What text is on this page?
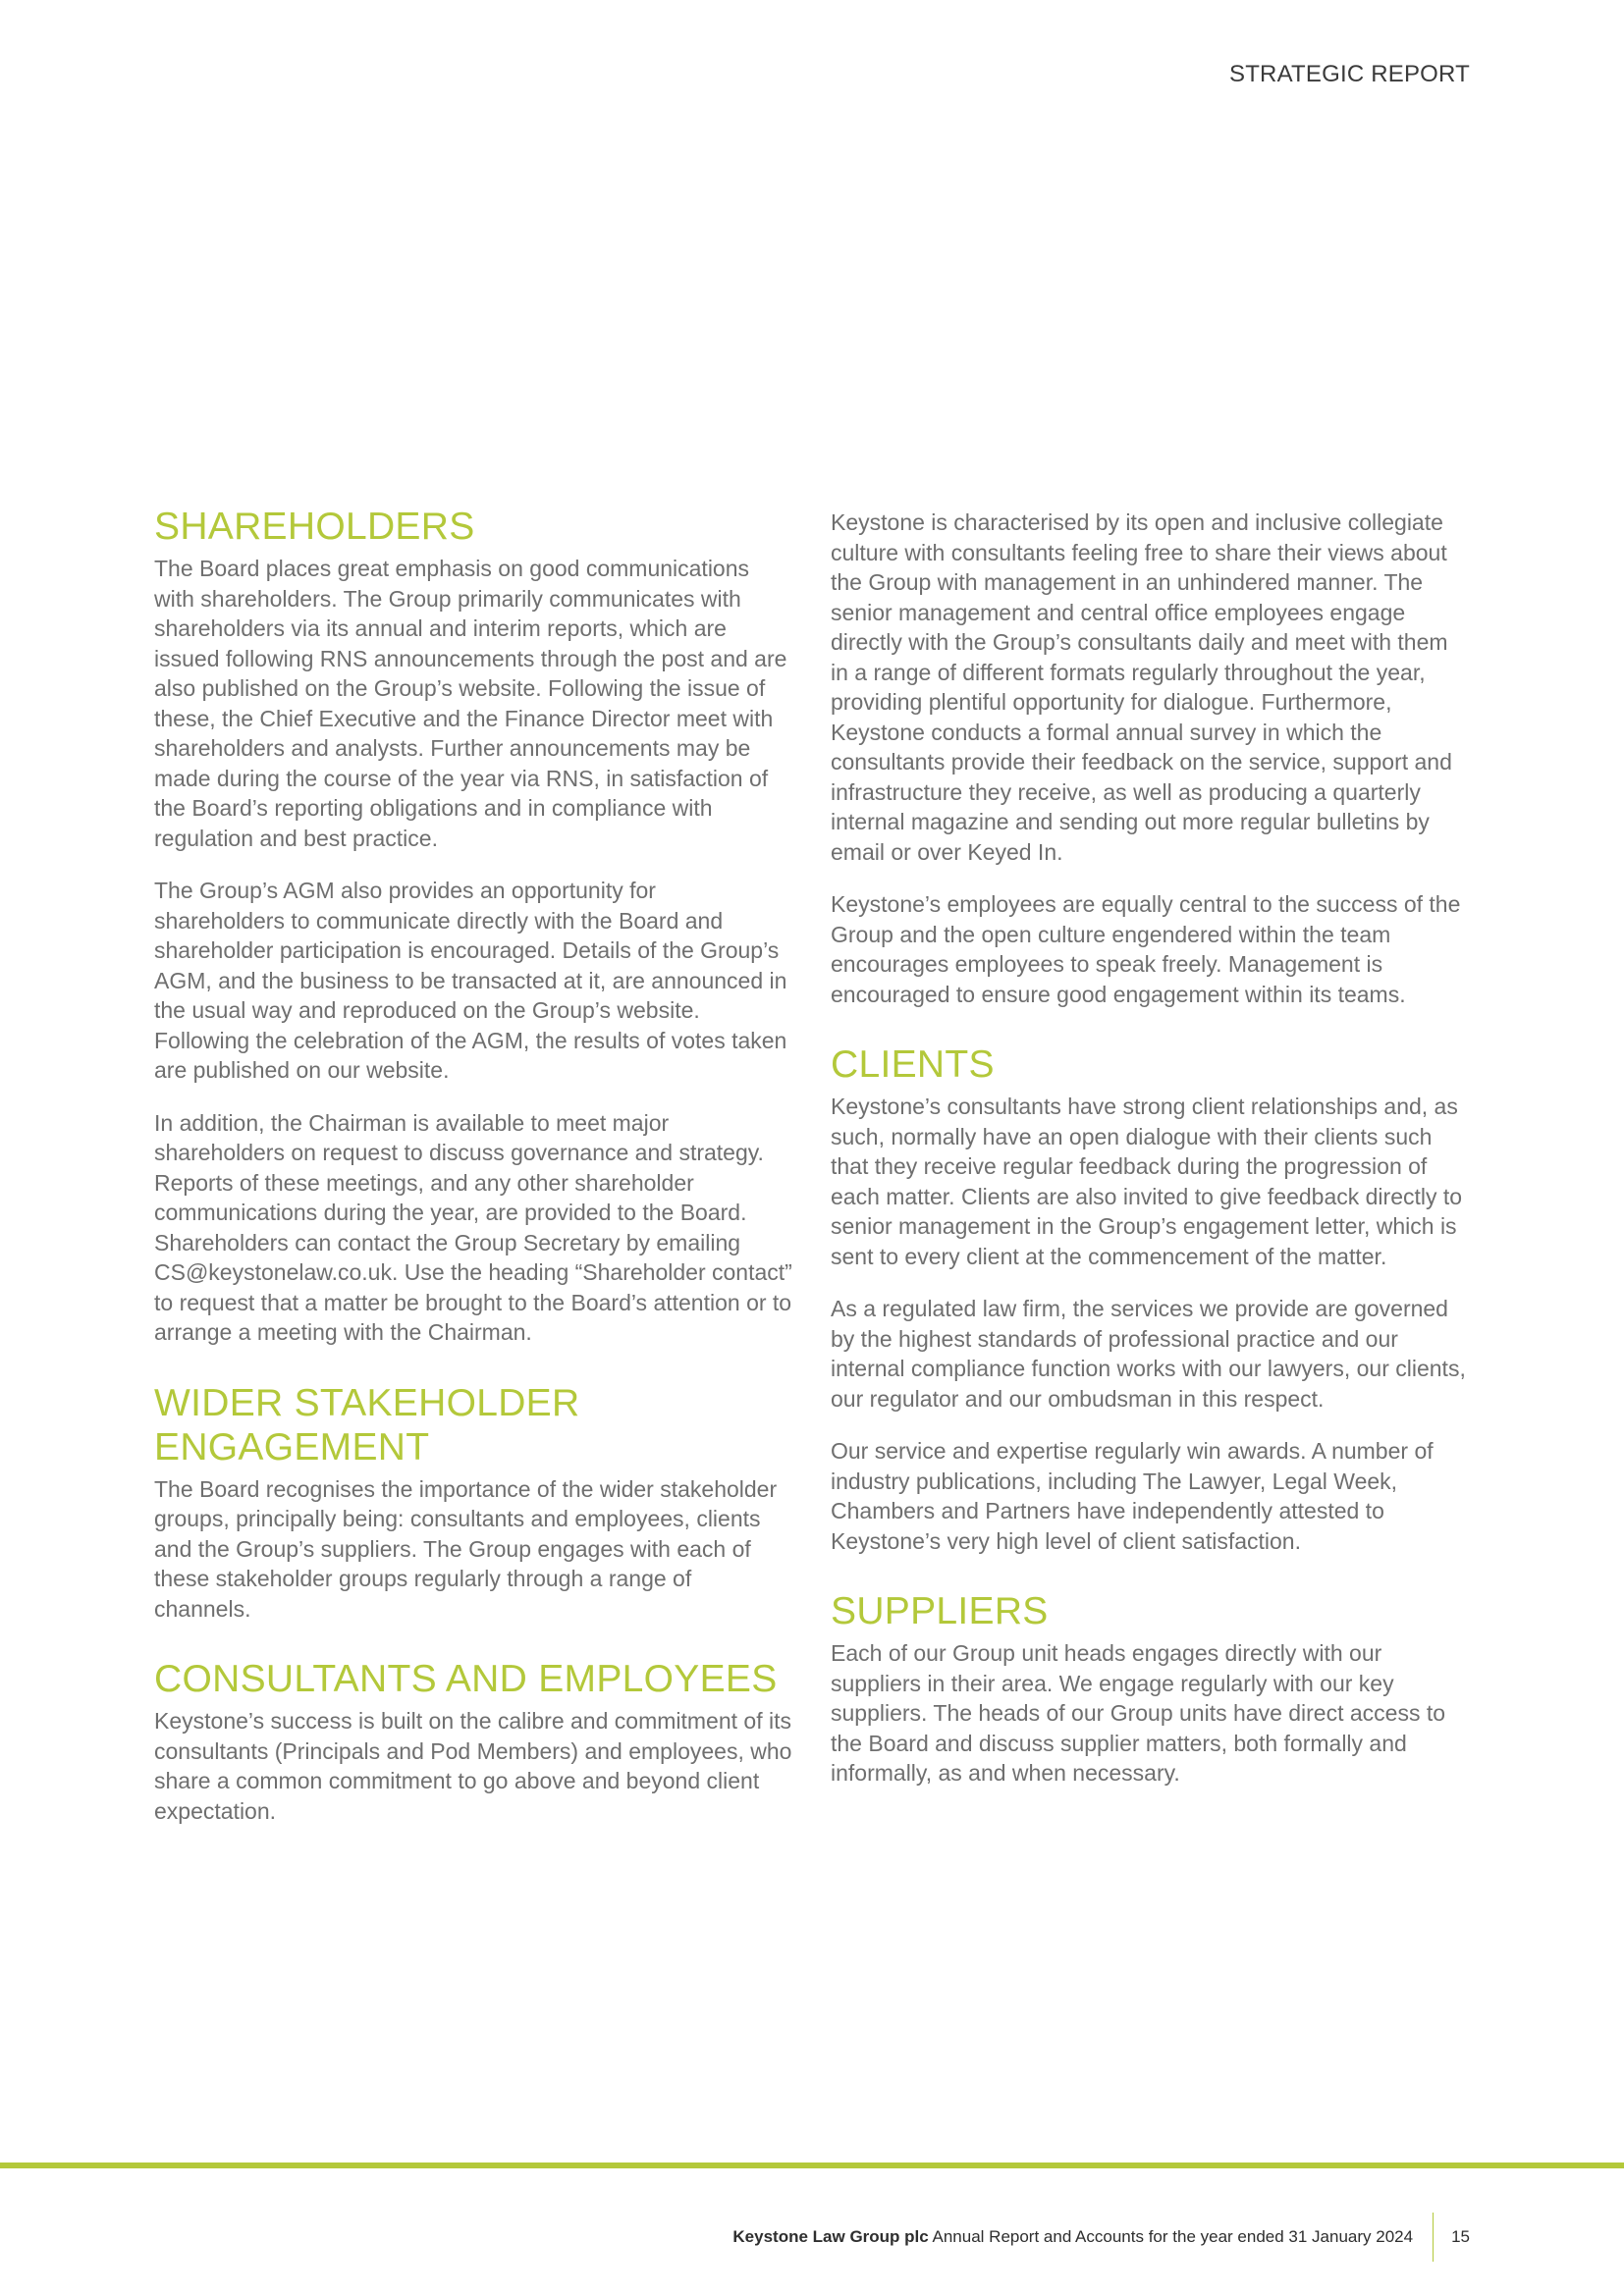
STRATEGIC REPORT
SHAREHOLDERS

The Board places great emphasis on good communications with shareholders. The Group primarily communicates with shareholders via its annual and interim reports, which are issued following RNS announcements through the post and are also published on the Group’s website. Following the issue of these, the Chief Executive and the Finance Director meet with shareholders and analysts. Further announcements may be made during the course of the year via RNS, in satisfaction of the Board’s reporting obligations and in compliance with regulation and best practice.

The Group’s AGM also provides an opportunity for shareholders to communicate directly with the Board and shareholder participation is encouraged. Details of the Group’s AGM, and the business to be transacted at it, are announced in the usual way and reproduced on the Group’s website. Following the celebration of the AGM, the results of votes taken are published on our website.

In addition, the Chairman is available to meet major shareholders on request to discuss governance and strategy. Reports of these meetings, and any other shareholder communications during the year, are provided to the Board. Shareholders can contact the Group Secretary by emailing CS@keystonelaw.co.uk. Use the heading “Shareholder contact” to request that a matter be brought to the Board’s attention or to arrange a meeting with the Chairman.

WIDER STAKEHOLDER ENGAGEMENT

The Board recognises the importance of the wider stakeholder groups, principally being: consultants and employees, clients and the Group’s suppliers. The Group engages with each of these stakeholder groups regularly through a range of channels.

CONSULTANTS AND EMPLOYEES

Keystone’s success is built on the calibre and commitment of its consultants (Principals and Pod Members) and employees, who share a common commitment to go above and beyond client expectation.

Keystone is characterised by its open and inclusive collegiate culture with consultants feeling free to share their views about the Group with management in an unhindered manner. The senior management and central office employees engage directly with the Group’s consultants daily and meet with them in a range of different formats regularly throughout the year, providing plentiful opportunity for dialogue. Furthermore, Keystone conducts a formal annual survey in which the consultants provide their feedback on the service, support and infrastructure they receive, as well as producing a quarterly internal magazine and sending out more regular bulletins by email or over Keyed In.

Keystone’s employees are equally central to the success of the Group and the open culture engendered within the team encourages employees to speak freely. Management is encouraged to ensure good engagement within its teams.

CLIENTS

Keystone’s consultants have strong client relationships and, as such, normally have an open dialogue with their clients such that they receive regular feedback during the progression of each matter. Clients are also invited to give feedback directly to senior management in the Group’s engagement letter, which is sent to every client at the commencement of the matter.

As a regulated law firm, the services we provide are governed by the highest standards of professional practice and our internal compliance function works with our lawyers, our clients, our regulator and our ombudsman in this respect.

Our service and expertise regularly win awards. A number of industry publications, including The Lawyer, Legal Week, Chambers and Partners have independently attested to Keystone’s very high level of client satisfaction.

SUPPLIERS

Each of our Group unit heads engages directly with our suppliers in their area. We engage regularly with our key suppliers. The heads of our Group units have direct access to the Board and discuss supplier matters, both formally and informally, as and when necessary.

Keystone Law Group plc Annual Report and Accounts for the year ended 31 January 2024 15
